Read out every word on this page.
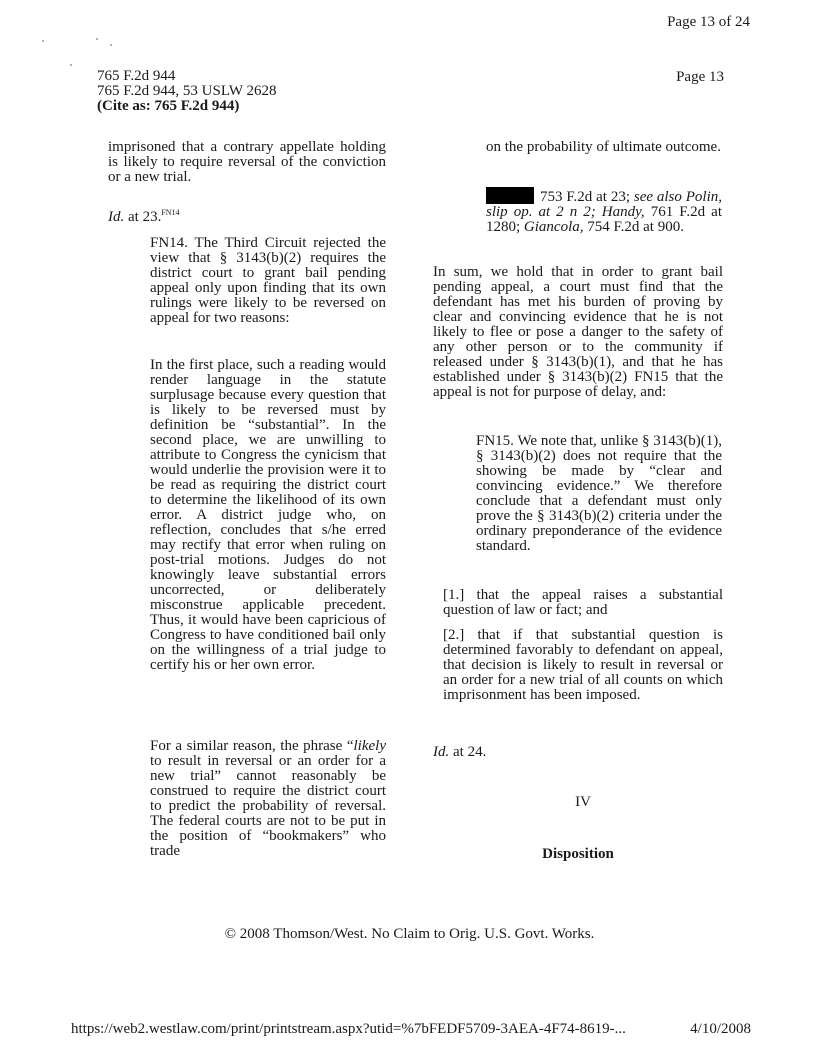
Page 13 of 24
765 F.2d 944
765 F.2d 944, 53 USLW 2628
(Cite as: 765 F.2d 944)
Page 13

imprisoned that a contrary appellate holding is likely to require reversal of the conviction or a new trial.

Id. at 23.$^{FN14}$

FN14. The Third Circuit rejected the view that § 3143(b)(2) requires the district court to grant bail pending appeal only upon finding that its own rulings were likely to be reversed on appeal for two reasons:

In the first place, such a reading would render language in the statute surplusage because every question that is likely to be reversed must by definition be “substantial”. In the second place, we are unwilling to attribute to Congress the cynicism that would underlie the provision were it to be read as requiring the district court to determine the likelihood of its own error. A district judge who, on reflection, concludes that s/he erred may rectify that error when ruling on post-trial motions. Judges do not knowingly leave substantial errors uncorrected, or deliberately misconstrue applicable precedent. Thus, it would have been capricious of Congress to have conditioned bail only on the willingness of a trial judge to certify his or her own error.

For a similar reason, the phrase “likely to result in reversal or an order for a new trial” cannot reasonably be construed to require the district court to predict the probability of reversal. The federal courts are not to be put in the position of “bookmakers” who trade

on the probability of ultimate outcome.

753 F.2d at 23; see also Polin, slip op. at 2 n 2; Handy, 761 F.2d at 1280; Giancola, 754 F.2d at 900.

In sum, we hold that in order to grant bail pending appeal, a court must find that the defendant has met his burden of proving by clear and convincing evidence that he is not likely to flee or pose a danger to the safety of any other person or to the community if released under § 3143(b)(1), and that he has established under § 3143(b)(2) FN15 that the appeal is not for purpose of delay, and:

FN15. We note that, unlike § 3143(b)(1), § 3143(b)(2) does not require that the showing be made by “clear and convincing evidence.” We therefore conclude that a defendant must only prove the § 3143(b)(2) criteria under the ordinary preponderance of the evidence standard.

[1.] that the appeal raises a substantial question of law or fact; and

[2.] that if that substantial question is determined favorably to defendant on appeal, that decision is likely to result in reversal or an order for a new trial of all counts on which imprisonment has been imposed.

Id. at 24.

IV
Disposition
© 2008 Thomson/West. No Claim to Orig. U.S. Govt. Works.
https://web2.westlaw.com/print/printstream.aspx?utid=%7bFEDF5709-3AEA-4F74-8619-...	4/10/2008
